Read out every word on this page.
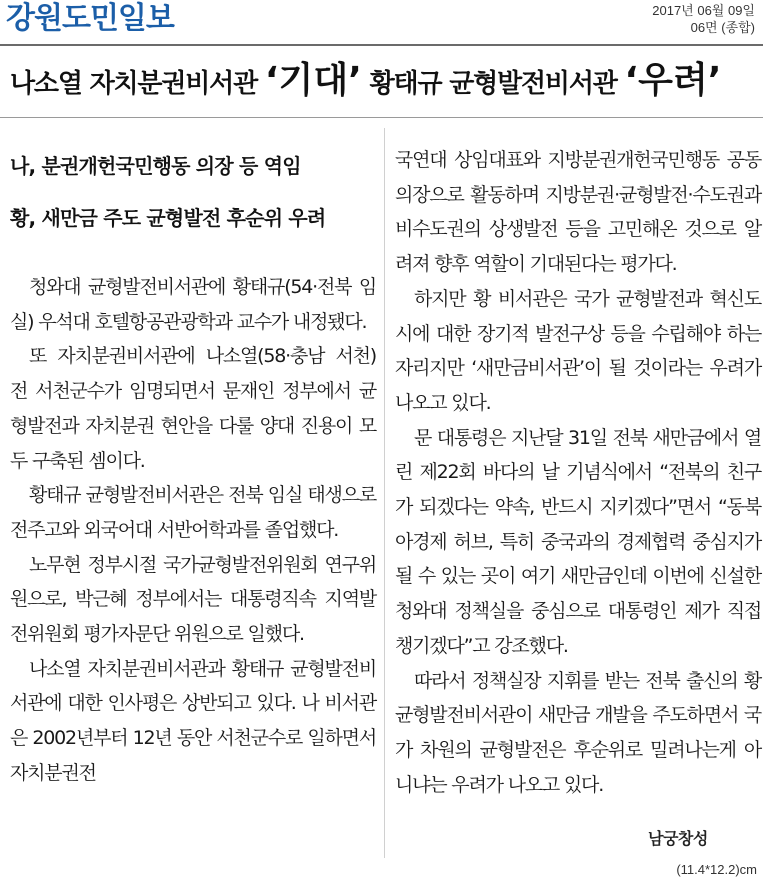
강원도민일보	2017년 06월 09일
06면 (종합)
나소열 자치분권비서관 ‘기대’ 황태규 균형발전비서관 ‘우려’
나, 분권개헌국민행동 의장 등 역임
황, 새만금 주도 균형발전 후순위 우려

청와대 균형발전비서관에 황태규(54·전북 임실) 우석대 호텔항공관광학과 교수가 내정됐다.

또 자치분권비서관에 나소열(58·충남 서천) 전 서천군수가 임명되면서 문재인 정부에서 균형발전과 자치분권 현안을 다룰 양대 진용이 모두 구축된 셈이다.

황태규 균형발전비서관은 전북 임실 태생으로 전주고와 외국어대 서반어학과를 졸업했다.

노무현 정부시절 국가균형발전위원회 연구위원으로, 박근혜 정부에서는 대통령직속 지역발전위원회 평가자문단 위원으로 일했다.

나소열 자치분권비서관과 황태규 균형발전비서관에 대한 인사평은 상반되고 있다. 나 비서관은 2002년부터 12년 동안 서천군수로 일하면서 자치분권전

국연대 상임대표와 지방분권개헌국민행동 공동의장으로 활동하며 지방분권·균형발전·수도권과 비수도권의 상생발전 등을 고민해온 것으로 알려져 향후 역할이 기대된다는 평가다.

하지만 황 비서관은 국가 균형발전과 혁신도시에 대한 장기적 발전구상 등을 수립해야 하는 자리지만 ‘새만금비서관’이 될 것이라는 우려가 나오고 있다.

문 대통령은 지난달 31일 전북 새만금에서 열린 제22회 바다의 날 기념식에서 “전북의 친구가 되겠다는 약속, 반드시 지키겠다”면서 “동북아경제 허브, 특히 중국과의 경제협력 중심지가 될 수 있는 곳이 여기 새만금인데 이번에 신설한 청와대 정책실을 중심으로 대통령인 제가 직접 챙기겠다”고 강조했다.

따라서 정책실장 지휘를 받는 전북 출신의 황 균형발전비서관이 새만금 개발을 주도하면서 국가 차원의 균형발전은 후순위로 밀려나는게 아니냐는 우려가 나오고 있다.

남궁창성
(11.4*12.2)cm
